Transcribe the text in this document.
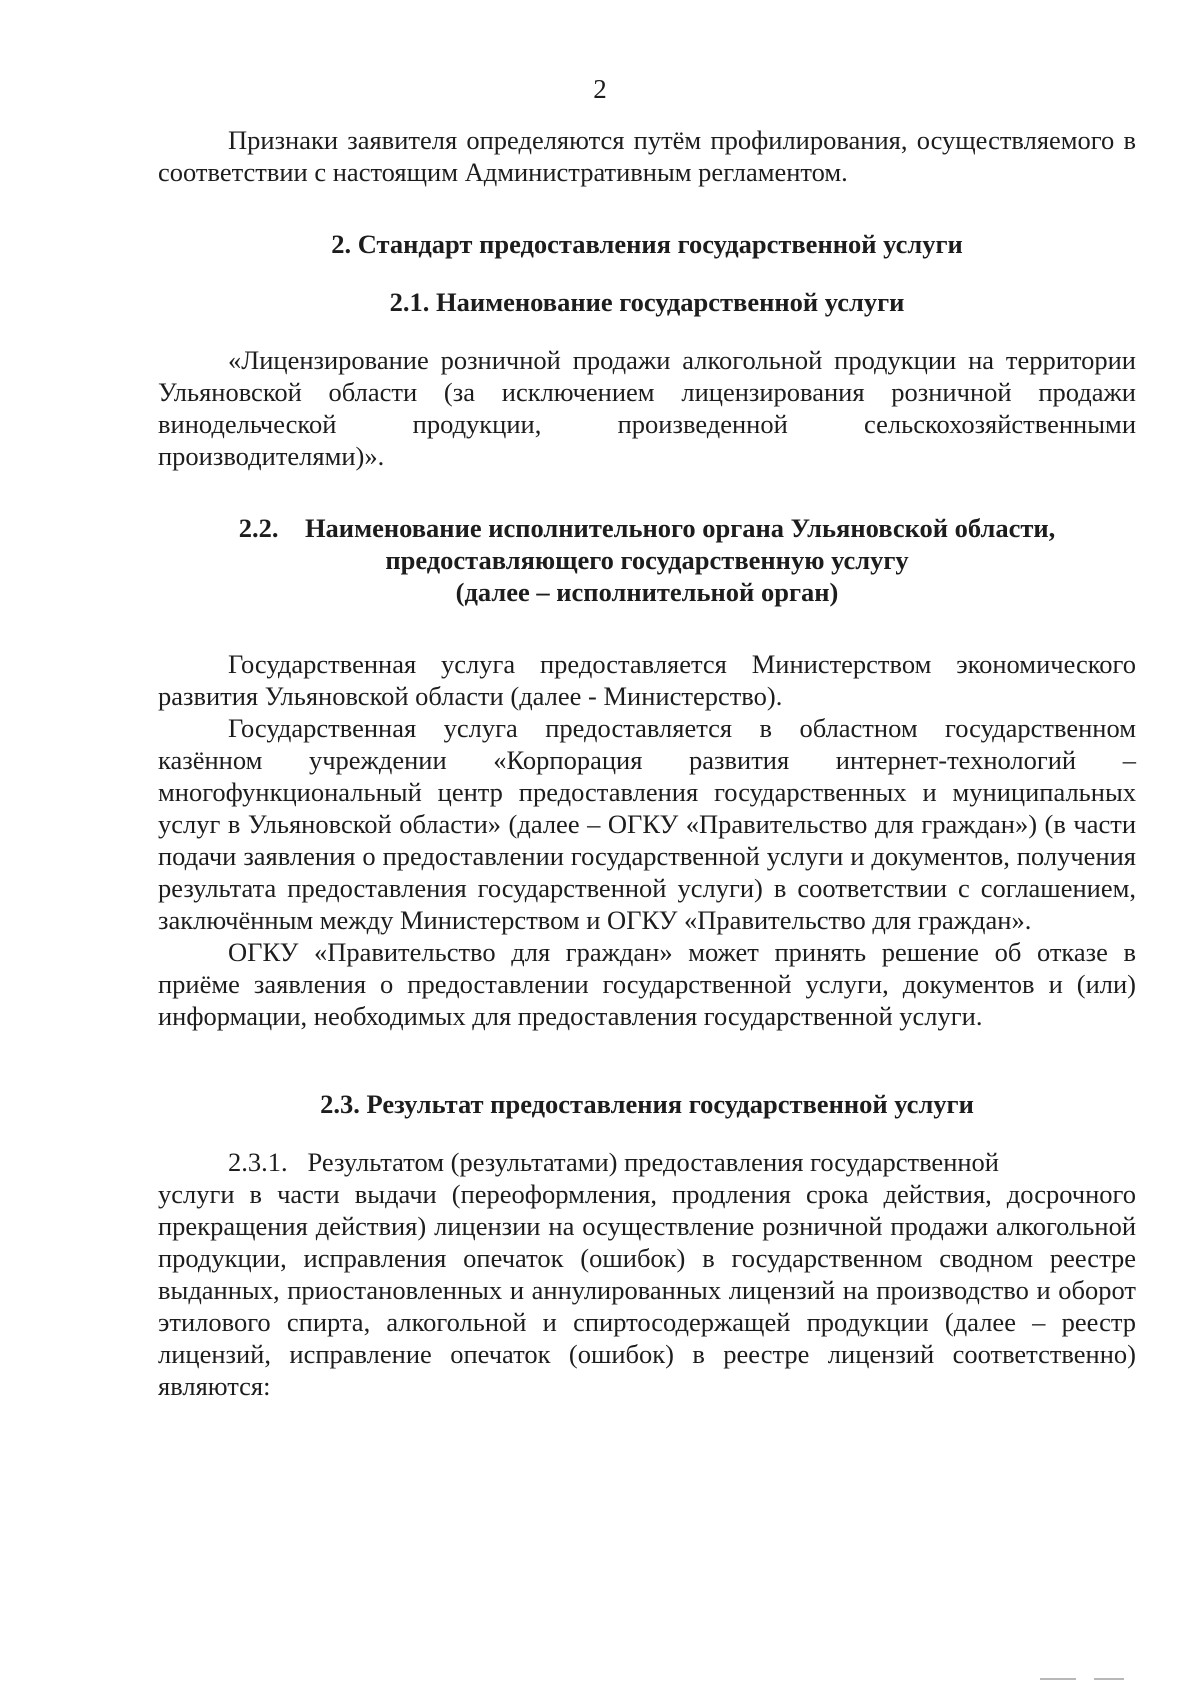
2

Признаки заявителя определяются путём профилирования, осуществляемого в соответствии с настоящим Административным регламентом.

2. Стандарт предоставления государственной услуги

2.1. Наименование государственной услуги

«Лицензирование розничной продажи алкогольной продукции на территории Ульяновской области (за исключением лицензирования розничной продажи винодельческой продукции, произведенной сельскохозяйственными производителями)».

2.2. Наименование исполнительного органа Ульяновской области,

предоставляющего государственную услугу

(далее – исполнительной орган)

Государственная услуга предоставляется Министерством экономического развития Ульяновской области (далее - Министерство).

Государственная услуга предоставляется в областном государственном казённом учреждении «Корпорация развития интернет-технологий – многофункциональный центр предоставления государственных и муниципальных услуг в Ульяновской области» (далее – ОГКУ «Правительство для граждан») (в части подачи заявления о предоставлении государственной услуги и документов, получения результата предоставления государственной услуги) в соответствии с соглашением, заключённым между Министерством и ОГКУ «Правительство для граждан».

ОГКУ «Правительство для граждан» может принять решение об отказе в приёме заявления о предоставлении государственной услуги, документов и (или) информации, необходимых для предоставления государственной услуги.

2.3. Результат предоставления государственной услуги

2.3.1. Результатом (результатами) предоставления государственной

услуги в части выдачи (переоформления, продления срока действия, досрочного прекращения действия) лицензии на осуществление розничной продажи алкогольной продукции, исправления опечаток (ошибок) в государственном сводном реестре выданных, приостановленных и аннулированных лицензий на производство и оборот этилового спирта, алкогольной и спиртосодержащей продукции (далее – реестр лицензий, исправление опечаток (ошибок) в реестре лицензий соответственно) являются:
